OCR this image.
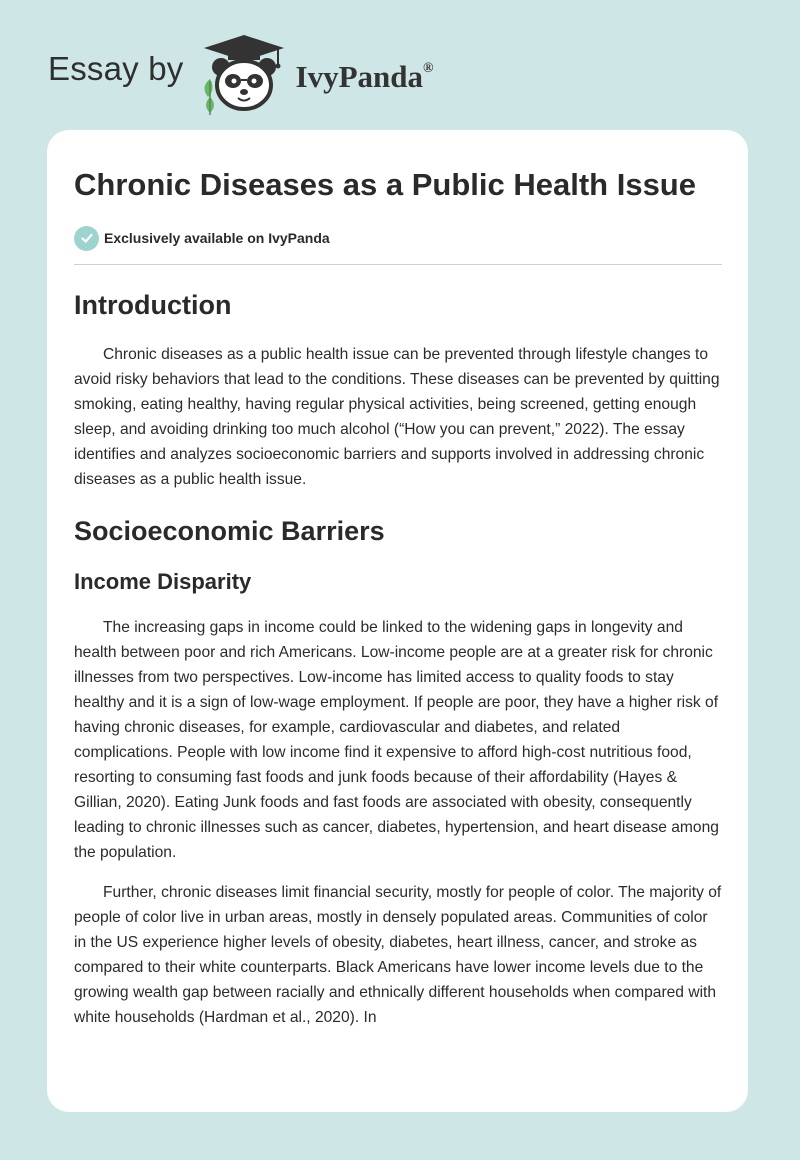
Essay by	IvyPanda®
Chronic Diseases as a Public Health Issue
Exclusively available on IvyPanda
Introduction

Chronic diseases as a public health issue can be prevented through lifestyle changes to avoid risky behaviors that lead to the conditions. These diseases can be prevented by quitting smoking, eating healthy, having regular physical activities, being screened, getting enough sleep, and avoiding drinking too much alcohol (“How you can prevent,” 2022). The essay identifies and analyzes socioeconomic barriers and supports involved in addressing chronic diseases as a public health issue.

Socioeconomic Barriers
Income Disparity

The increasing gaps in income could be linked to the widening gaps in longevity and health between poor and rich Americans. Low-income people are at a greater risk for chronic illnesses from two perspectives. Low-income has limited access to quality foods to stay healthy and it is a sign of low-wage employment. If people are poor, they have a higher risk of having chronic diseases, for example, cardiovascular and diabetes, and related complications. People with low income find it expensive to afford high-cost nutritious food, resorting to consuming fast foods and junk foods because of their affordability (Hayes & Gillian, 2020). Eating Junk foods and fast foods are associated with obesity, consequently leading to chronic illnesses such as cancer, diabetes, hypertension, and heart disease among the population.

Further, chronic diseases limit financial security, mostly for people of color. The majority of people of color live in urban areas, mostly in densely populated areas. Communities of color in the US experience higher levels of obesity, diabetes, heart illness, cancer, and stroke as compared to their white counterparts. Black Americans have lower income levels due to the growing wealth gap between racially and ethnically different households when compared with white households (Hardman et al., 2020). In
